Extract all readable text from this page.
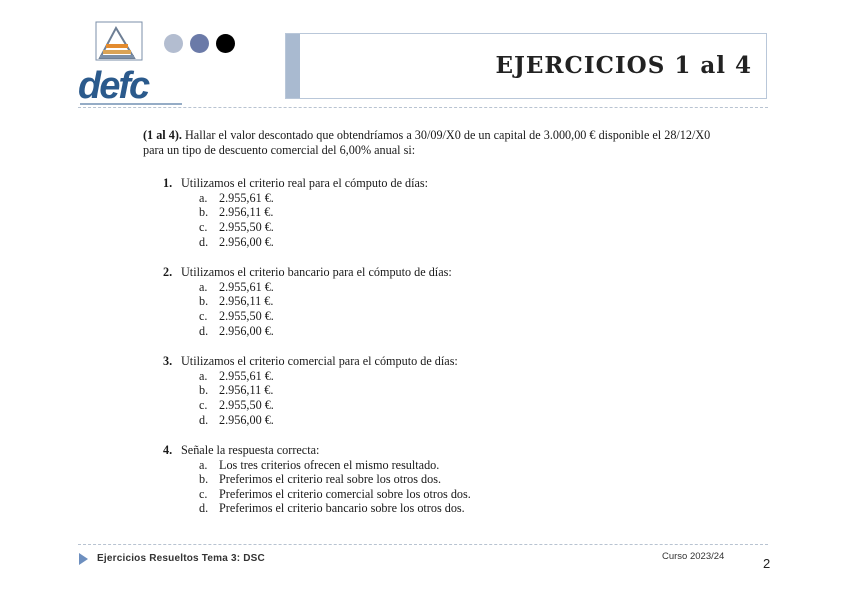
defc	EJERCICIOS 1 al 4

(1 al 4). Hallar el valor descontado que obtendríamos a 30/09/X0 de un capital de 3.000,00 € disponible el 28/12/X0 para un tipo de descuento comercial del 6,00% anual si:

1. Utilizamos el criterio real para el cómputo de días:
a. 2.955,61 €.
b. 2.956,11 €.
c. 2.955,50 €.
d. 2.956,00 €.
2. Utilizamos el criterio bancario para el cómputo de días:
a. 2.955,61 €.
b. 2.956,11 €.
c. 2.955,50 €.
d. 2.956,00 €.
3. Utilizamos el criterio comercial para el cómputo de días:
a. 2.955,61 €.
b. 2.956,11 €.
c. 2.955,50 €.
d. 2.956,00 €.
4. Señale la respuesta correcta:
a. Los tres criterios ofrecen el mismo resultado.
b. Preferimos el criterio real sobre los otros dos.
c. Preferimos el criterio comercial sobre los otros dos.
d. Preferimos el criterio bancario sobre los otros dos.
Ejercicios Resueltos Tema 3: DSC	Curso 2023/24	2
